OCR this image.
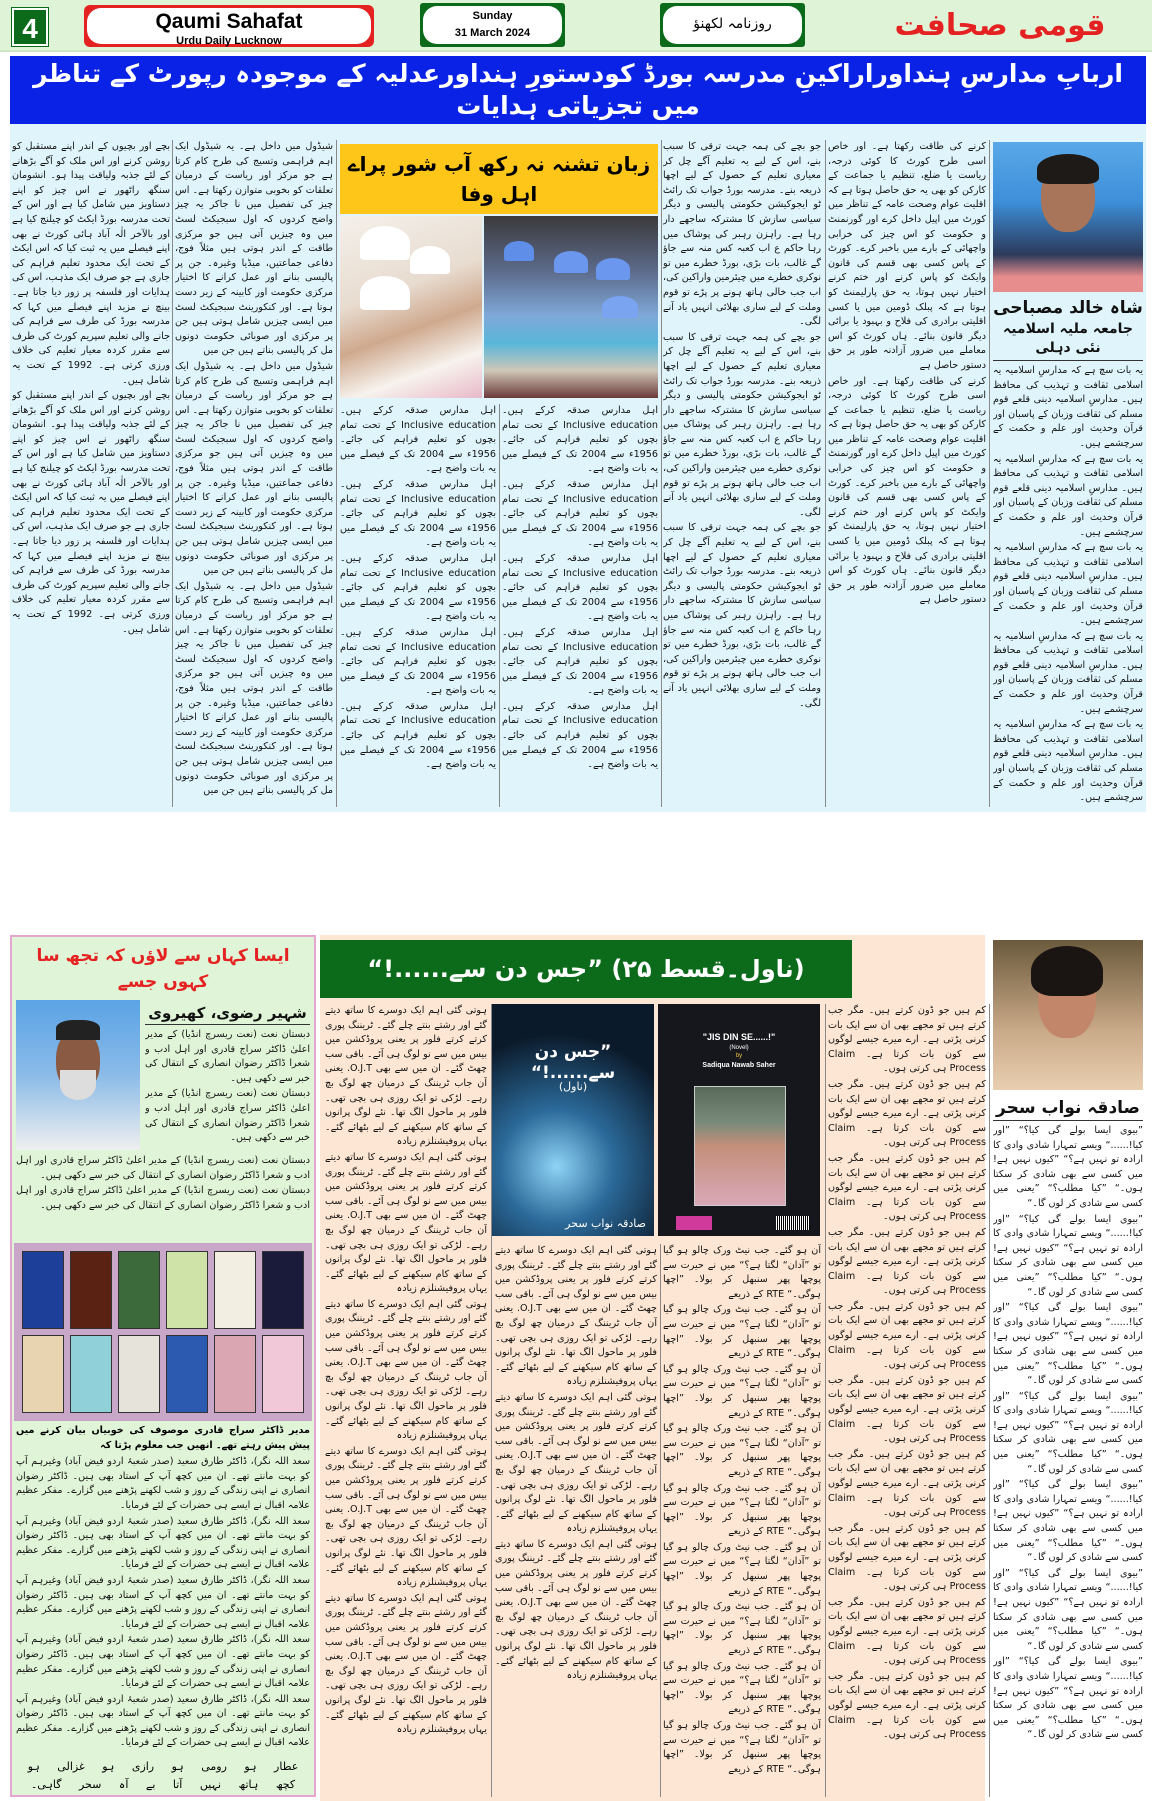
4	Qaumi Sahafat
Urdu Daily Lucknow
Sunday
31 March 2024
روزنامہ لکھنؤ	قومی صحافت
اربابِ مدارسِ ہنداوراراکینِ مدرسہ بورڈ کودستورِ ہنداورعدلیہ کے موجودہ رپورٹ کے تناظر میں تجزیاتی ہدایات
زبان تشنہ نہ رکھ آب شور پراے اہل وفا
شاہ خالد مصباحی
جامعہ ملیہ اسلامیہ نئی دہلی

یہ بات سچ ہے کہ مدارسِ اسلامیہ یہ اسلامی ثقافت و تہذیب کی محافظ ہیں۔ مدارسِ اسلامیہ دینی قلعے قوم مسلم کی ثقافت وزبان کے پاسبان اور قرآن وحدیث اور علم و حکمت کے سرچشمے ہیں۔

یہ بات سچ ہے کہ مدارسِ اسلامیہ یہ اسلامی ثقافت و تہذیب کی محافظ ہیں۔ مدارسِ اسلامیہ دینی قلعے قوم مسلم کی ثقافت وزبان کے پاسبان اور قرآن وحدیث اور علم و حکمت کے سرچشمے ہیں۔

یہ بات سچ ہے کہ مدارسِ اسلامیہ یہ اسلامی ثقافت و تہذیب کی محافظ ہیں۔ مدارسِ اسلامیہ دینی قلعے قوم مسلم کی ثقافت وزبان کے پاسبان اور قرآن وحدیث اور علم و حکمت کے سرچشمے ہیں۔

یہ بات سچ ہے کہ مدارسِ اسلامیہ یہ اسلامی ثقافت و تہذیب کی محافظ ہیں۔ مدارسِ اسلامیہ دینی قلعے قوم مسلم کی ثقافت وزبان کے پاسبان اور قرآن وحدیث اور علم و حکمت کے سرچشمے ہیں۔

یہ بات سچ ہے کہ مدارسِ اسلامیہ یہ اسلامی ثقافت و تہذیب کی محافظ ہیں۔ مدارسِ اسلامیہ دینی قلعے قوم مسلم کی ثقافت وزبان کے پاسبان اور قرآن وحدیث اور علم و حکمت کے سرچشمے ہیں۔

کرنے کی طاقت رکھتا ہے۔ اور خاص اسی طرح کورٹ کا کوئی درجہ، ریاست یا ضلع، تنظیم یا جماعت کے کارکن کو بھی یہ حق حاصل ہوتا ہے کہ اقلیت عوام وصحت عامہ کے تناظر میں کورٹ میں اپیل داخل کرے اور گورنمنٹ و حکومت کو اس چیز کی خرابی واچھائی کے بارے میں باخبر کرے۔ کورٹ کے پاس کسی بھی قسم کی قانون وایکٹ کو پاس کرنے اور ختم کرنے اختیار نہیں ہوتا، یہ حق پارلیمنٹ کو ہوتا ہے کہ پبلک ڈومین میں یا کسی اقلیتی برادری کی فلاح و بہبود یا برائی دیگر قانون بنائے۔ ہاں کورٹ کو اس معاملے میں ضرور آزادنہ طور پر حق دستور حاصل ہے

کرنے کی طاقت رکھتا ہے۔ اور خاص اسی طرح کورٹ کا کوئی درجہ، ریاست یا ضلع، تنظیم یا جماعت کے کارکن کو بھی یہ حق حاصل ہوتا ہے کہ اقلیت عوام وصحت عامہ کے تناظر میں کورٹ میں اپیل داخل کرے اور گورنمنٹ و حکومت کو اس چیز کی خرابی واچھائی کے بارے میں باخبر کرے۔ کورٹ کے پاس کسی بھی قسم کی قانون وایکٹ کو پاس کرنے اور ختم کرنے اختیار نہیں ہوتا، یہ حق پارلیمنٹ کو ہوتا ہے کہ پبلک ڈومین میں یا کسی اقلیتی برادری کی فلاح و بہبود یا برائی دیگر قانون بنائے۔ ہاں کورٹ کو اس معاملے میں ضرور آزادنہ طور پر حق دستور حاصل ہے

جو بچے کی ہمہ جہت ترقی کا سبب بنے، اس کے لیے یہ تعلیم آگے چل کر معیاری تعلیم کے حصول کے لیے اچھا ذریعہ بنے۔ مدرسہ بورڈ جواب تک رائٹ ٹو ایجوکیشن حکومتی پالیسی و دیگر سیاسی سازش کا مشترکہ ساجھے دار رہا ہے۔ راہزن رہبر کی پوشاک میں رہا حاکم ع اب کعبہ کس منہ سے جاؤ گے غالب، بات بڑی، بورڈ خطرے میں تو نوکری خطرے میں چیئرمین واراکین کی، اب جب خالی ہاتھ ہونے پر پڑے تو قوم وملت کے لیے ساری بھلائی انہیں یاد آنے لگی۔

جو بچے کی ہمہ جہت ترقی کا سبب بنے، اس کے لیے یہ تعلیم آگے چل کر معیاری تعلیم کے حصول کے لیے اچھا ذریعہ بنے۔ مدرسہ بورڈ جواب تک رائٹ ٹو ایجوکیشن حکومتی پالیسی و دیگر سیاسی سازش کا مشترکہ ساجھے دار رہا ہے۔ راہزن رہبر کی پوشاک میں رہا حاکم ع اب کعبہ کس منہ سے جاؤ گے غالب، بات بڑی، بورڈ خطرے میں تو نوکری خطرے میں چیئرمین واراکین کی، اب جب خالی ہاتھ ہونے پر پڑے تو قوم وملت کے لیے ساری بھلائی انہیں یاد آنے لگی۔

جو بچے کی ہمہ جہت ترقی کا سبب بنے، اس کے لیے یہ تعلیم آگے چل کر معیاری تعلیم کے حصول کے لیے اچھا ذریعہ بنے۔ مدرسہ بورڈ جواب تک رائٹ ٹو ایجوکیشن حکومتی پالیسی و دیگر سیاسی سازش کا مشترکہ ساجھے دار رہا ہے۔ راہزن رہبر کی پوشاک میں رہا حاکم ع اب کعبہ کس منہ سے جاؤ گے غالب، بات بڑی، بورڈ خطرے میں تو نوکری خطرے میں چیئرمین واراکین کی، اب جب خالی ہاتھ ہونے پر پڑے تو قوم وملت کے لیے ساری بھلائی انہیں یاد آنے لگی۔

اہل مدارس صدقہ کرکے ہیں۔ Inclusive education کے تحت تمام بچوں کو تعلیم فراہم کی جائے۔ 1956ء سے 2004 تک کے فیصلے میں یہ بات واضح ہے۔

اہل مدارس صدقہ کرکے ہیں۔ Inclusive education کے تحت تمام بچوں کو تعلیم فراہم کی جائے۔ 1956ء سے 2004 تک کے فیصلے میں یہ بات واضح ہے۔

اہل مدارس صدقہ کرکے ہیں۔ Inclusive education کے تحت تمام بچوں کو تعلیم فراہم کی جائے۔ 1956ء سے 2004 تک کے فیصلے میں یہ بات واضح ہے۔

اہل مدارس صدقہ کرکے ہیں۔ Inclusive education کے تحت تمام بچوں کو تعلیم فراہم کی جائے۔ 1956ء سے 2004 تک کے فیصلے میں یہ بات واضح ہے۔

اہل مدارس صدقہ کرکے ہیں۔ Inclusive education کے تحت تمام بچوں کو تعلیم فراہم کی جائے۔ 1956ء سے 2004 تک کے فیصلے میں یہ بات واضح ہے۔

اہل مدارس صدقہ کرکے ہیں۔ Inclusive education کے تحت تمام بچوں کو تعلیم فراہم کی جائے۔ 1956ء سے 2004 تک کے فیصلے میں یہ بات واضح ہے۔

اہل مدارس صدقہ کرکے ہیں۔ Inclusive education کے تحت تمام بچوں کو تعلیم فراہم کی جائے۔ 1956ء سے 2004 تک کے فیصلے میں یہ بات واضح ہے۔

اہل مدارس صدقہ کرکے ہیں۔ Inclusive education کے تحت تمام بچوں کو تعلیم فراہم کی جائے۔ 1956ء سے 2004 تک کے فیصلے میں یہ بات واضح ہے۔

اہل مدارس صدقہ کرکے ہیں۔ Inclusive education کے تحت تمام بچوں کو تعلیم فراہم کی جائے۔ 1956ء سے 2004 تک کے فیصلے میں یہ بات واضح ہے۔

اہل مدارس صدقہ کرکے ہیں۔ Inclusive education کے تحت تمام بچوں کو تعلیم فراہم کی جائے۔ 1956ء سے 2004 تک کے فیصلے میں یہ بات واضح ہے۔

شیڈول میں داخل ہے۔ یہ شیڈول ایک اہم فراہمی وتسیج کی طرح کام کرتا ہے جو مرکز اور ریاست کے درمیان تعلقات کو بخوبی متوازن رکھتا ہے۔ اس چیز کی تفصیل میں نا جاکر یہ چیز واضح کردوں کہ اول سبجیکٹ لسٹ میں وہ چیزیں آتی ہیں جو مرکزی طاقت کے اندر ہوتی ہیں مثلاً فوج، دفاعی جماعتیں، میڈیا وغیرہ۔ جن پر پالیسی بنانے اور عمل کرانے کا اختیار مرکزی حکومت اور کابینہ کے زیر دست ہوتا ہے۔ اور کنکورینٹ سبجیکٹ لسٹ میں ایسی چیزیں شامل ہوتی ہیں جن پر مرکزی اور صوبائی حکومت دونوں مل کر پالیسی بناتے ہیں جن میں

شیڈول میں داخل ہے۔ یہ شیڈول ایک اہم فراہمی وتسیج کی طرح کام کرتا ہے جو مرکز اور ریاست کے درمیان تعلقات کو بخوبی متوازن رکھتا ہے۔ اس چیز کی تفصیل میں نا جاکر یہ چیز واضح کردوں کہ اول سبجیکٹ لسٹ میں وہ چیزیں آتی ہیں جو مرکزی طاقت کے اندر ہوتی ہیں مثلاً فوج، دفاعی جماعتیں، میڈیا وغیرہ۔ جن پر پالیسی بنانے اور عمل کرانے کا اختیار مرکزی حکومت اور کابینہ کے زیر دست ہوتا ہے۔ اور کنکورینٹ سبجیکٹ لسٹ میں ایسی چیزیں شامل ہوتی ہیں جن پر مرکزی اور صوبائی حکومت دونوں مل کر پالیسی بناتے ہیں جن میں

شیڈول میں داخل ہے۔ یہ شیڈول ایک اہم فراہمی وتسیج کی طرح کام کرتا ہے جو مرکز اور ریاست کے درمیان تعلقات کو بخوبی متوازن رکھتا ہے۔ اس چیز کی تفصیل میں نا جاکر یہ چیز واضح کردوں کہ اول سبجیکٹ لسٹ میں وہ چیزیں آتی ہیں جو مرکزی طاقت کے اندر ہوتی ہیں مثلاً فوج، دفاعی جماعتیں، میڈیا وغیرہ۔ جن پر پالیسی بنانے اور عمل کرانے کا اختیار مرکزی حکومت اور کابینہ کے زیر دست ہوتا ہے۔ اور کنکورینٹ سبجیکٹ لسٹ میں ایسی چیزیں شامل ہوتی ہیں جن پر مرکزی اور صوبائی حکومت دونوں مل کر پالیسی بناتے ہیں جن میں

بچے اور بچیوں کے اندر اپنے مستقبل کو روشن کرنے اور اس ملک کو آگے بڑھانے کے لئے جذبہ ولیاقت پیدا ہو۔ انشومان سنگھ راٹھور نے اس چیز کو اپنے دستاویز میں شامل کیا ہے اور اس کے تحت مدرسہ بورڈ ایکٹ کو چیلنج کیا ہے اور بالآخر الٰہ آباد ہائی کورٹ نے بھی اپنے فیصلے میں یہ ثبت کیا کہ اس ایکٹ کے تحت ایک محدود تعلیم فراہم کی جاری ہے جو صرف ایک مذہب، اس کی ہدایات اور فلسفہ پر زور دیا جاتا ہے۔ بینچ نے مزید اپنے فیصلے میں کہا کہ مدرسہ بورڈ کی طرف سے فراہم کی جانے والی تعلیم سپریم کورٹ کی طرف سے مقرر کردہ معیار تعلیم کی خلاف ورزی کرتی ہے۔ 1992 کے تحت یہ شامل ہیں۔

بچے اور بچیوں کے اندر اپنے مستقبل کو روشن کرنے اور اس ملک کو آگے بڑھانے کے لئے جذبہ ولیاقت پیدا ہو۔ انشومان سنگھ راٹھور نے اس چیز کو اپنے دستاویز میں شامل کیا ہے اور اس کے تحت مدرسہ بورڈ ایکٹ کو چیلنج کیا ہے اور بالآخر الٰہ آباد ہائی کورٹ نے بھی اپنے فیصلے میں یہ ثبت کیا کہ اس ایکٹ کے تحت ایک محدود تعلیم فراہم کی جاری ہے جو صرف ایک مذہب، اس کی ہدایات اور فلسفہ پر زور دیا جاتا ہے۔ بینچ نے مزید اپنے فیصلے میں کہا کہ مدرسہ بورڈ کی طرف سے فراہم کی جانے والی تعلیم سپریم کورٹ کی طرف سے مقرر کردہ معیار تعلیم کی خلاف ورزی کرتی ہے۔ 1992 کے تحت یہ شامل ہیں۔

ایسا کہاں سے لاؤں کہ تجھ سا کہوں جسے
شہیر رضوی، کھیروی

دبستان نعت (نعت ریسرچ انڈیا) کے مدیر اعلیٰ ڈاکٹر سراج قادری اور اہل ادب و شعرا ڈاکٹر رضوان انصاری کے انتقال کی خبر سے دکھی ہیں۔

دبستان نعت (نعت ریسرچ انڈیا) کے مدیر اعلیٰ ڈاکٹر سراج قادری اور اہل ادب و شعرا ڈاکٹر رضوان انصاری کے انتقال کی خبر سے دکھی ہیں۔

دبستان نعت (نعت ریسرچ انڈیا) کے مدیر اعلیٰ ڈاکٹر سراج قادری اور اہل ادب و شعرا ڈاکٹر رضوان انصاری کے انتقال کی خبر سے دکھی ہیں۔

دبستان نعت (نعت ریسرچ انڈیا) کے مدیر اعلیٰ ڈاکٹر سراج قادری اور اہل ادب و شعرا ڈاکٹر رضوان انصاری کے انتقال کی خبر سے دکھی ہیں۔

مدیر ڈاکٹر سراج قادری موصوف کی خوبیاں بیان کرنے میں پیش پیش رہتے تھے۔ انھیں جب معلوم پڑتا کہ

سعد اللہ نگر)، ڈاکٹر طارق سعید (صدر شعبۂ اردو فیض آباد) وغیرہم آپ کو بہت مانتے تھے۔ ان میں کچھ آپ کے استاد بھی ہیں۔ ڈاکٹر رضوان انصاری نے اپنی زندگی کے روز و شب لکھنے پڑھنے میں گزارے۔ مفکر عظیم علامہ اقبال نے ایسے ہی حضرات کے لئے فرمایا۔

سعد اللہ نگر)، ڈاکٹر طارق سعید (صدر شعبۂ اردو فیض آباد) وغیرہم آپ کو بہت مانتے تھے۔ ان میں کچھ آپ کے استاد بھی ہیں۔ ڈاکٹر رضوان انصاری نے اپنی زندگی کے روز و شب لکھنے پڑھنے میں گزارے۔ مفکر عظیم علامہ اقبال نے ایسے ہی حضرات کے لئے فرمایا۔

سعد اللہ نگر)، ڈاکٹر طارق سعید (صدر شعبۂ اردو فیض آباد) وغیرہم آپ کو بہت مانتے تھے۔ ان میں کچھ آپ کے استاد بھی ہیں۔ ڈاکٹر رضوان انصاری نے اپنی زندگی کے روز و شب لکھنے پڑھنے میں گزارے۔ مفکر عظیم علامہ اقبال نے ایسے ہی حضرات کے لئے فرمایا۔

سعد اللہ نگر)، ڈاکٹر طارق سعید (صدر شعبۂ اردو فیض آباد) وغیرہم آپ کو بہت مانتے تھے۔ ان میں کچھ آپ کے استاد بھی ہیں۔ ڈاکٹر رضوان انصاری نے اپنی زندگی کے روز و شب لکھنے پڑھنے میں گزارے۔ مفکر عظیم علامہ اقبال نے ایسے ہی حضرات کے لئے فرمایا۔

سعد اللہ نگر)، ڈاکٹر طارق سعید (صدر شعبۂ اردو فیض آباد) وغیرہم آپ کو بہت مانتے تھے۔ ان میں کچھ آپ کے استاد بھی ہیں۔ ڈاکٹر رضوان انصاری نے اپنی زندگی کے روز و شب لکھنے پڑھنے میں گزارے۔ مفکر عظیم علامہ اقبال نے ایسے ہی حضرات کے لئے فرمایا۔

عطار ہو رومی ہو رازی ہو غزالی ہو
کچھ ہاتھ نہیں آتا بے آہ سحر گاہی۔
(ناول۔قسط ۲۵) ”جس دن سے......!“
صادقہ نواب سحر

”بیوی ایسا بولے گی کیا؟“ ”اور کیا!......“ ویسے تمہارا شادی وادی کا ارادہ تو نہیں ہے؟“ ”کیوں نہیں ہے! میں کسی سے بھی شادی کر سکتا ہوں۔“ ”کیا مطلب؟“ ”یعنی میں کسی سے شادی کر لوں گا۔“

”بیوی ایسا بولے گی کیا؟“ ”اور کیا!......“ ویسے تمہارا شادی وادی کا ارادہ تو نہیں ہے؟“ ”کیوں نہیں ہے! میں کسی سے بھی شادی کر سکتا ہوں۔“ ”کیا مطلب؟“ ”یعنی میں کسی سے شادی کر لوں گا۔“

”بیوی ایسا بولے گی کیا؟“ ”اور کیا!......“ ویسے تمہارا شادی وادی کا ارادہ تو نہیں ہے؟“ ”کیوں نہیں ہے! میں کسی سے بھی شادی کر سکتا ہوں۔“ ”کیا مطلب؟“ ”یعنی میں کسی سے شادی کر لوں گا۔“

”بیوی ایسا بولے گی کیا؟“ ”اور کیا!......“ ویسے تمہارا شادی وادی کا ارادہ تو نہیں ہے؟“ ”کیوں نہیں ہے! میں کسی سے بھی شادی کر سکتا ہوں۔“ ”کیا مطلب؟“ ”یعنی میں کسی سے شادی کر لوں گا۔“

”بیوی ایسا بولے گی کیا؟“ ”اور کیا!......“ ویسے تمہارا شادی وادی کا ارادہ تو نہیں ہے؟“ ”کیوں نہیں ہے! میں کسی سے بھی شادی کر سکتا ہوں۔“ ”کیا مطلب؟“ ”یعنی میں کسی سے شادی کر لوں گا۔“

”بیوی ایسا بولے گی کیا؟“ ”اور کیا!......“ ویسے تمہارا شادی وادی کا ارادہ تو نہیں ہے؟“ ”کیوں نہیں ہے! میں کسی سے بھی شادی کر سکتا ہوں۔“ ”کیا مطلب؟“ ”یعنی میں کسی سے شادی کر لوں گا۔“

”بیوی ایسا بولے گی کیا؟“ ”اور کیا!......“ ویسے تمہارا شادی وادی کا ارادہ تو نہیں ہے؟“ ”کیوں نہیں ہے! میں کسی سے بھی شادی کر سکتا ہوں۔“ ”کیا مطلب؟“ ”یعنی میں کسی سے شادی کر لوں گا۔“

کم ہیں جو ڈون کرتے ہیں۔ مگر جب کرتے ہیں تو مجھے بھی ان سے ایک بات کرنی پڑتی ہے۔ ارے میرے جیسے لوگوں سے کون بات کرتا ہے۔ Claim Process ہی کرتی ہوں۔

کم ہیں جو ڈون کرتے ہیں۔ مگر جب کرتے ہیں تو مجھے بھی ان سے ایک بات کرنی پڑتی ہے۔ ارے میرے جیسے لوگوں سے کون بات کرتا ہے۔ Claim Process ہی کرتی ہوں۔

کم ہیں جو ڈون کرتے ہیں۔ مگر جب کرتے ہیں تو مجھے بھی ان سے ایک بات کرنی پڑتی ہے۔ ارے میرے جیسے لوگوں سے کون بات کرتا ہے۔ Claim Process ہی کرتی ہوں۔

کم ہیں جو ڈون کرتے ہیں۔ مگر جب کرتے ہیں تو مجھے بھی ان سے ایک بات کرنی پڑتی ہے۔ ارے میرے جیسے لوگوں سے کون بات کرتا ہے۔ Claim Process ہی کرتی ہوں۔

کم ہیں جو ڈون کرتے ہیں۔ مگر جب کرتے ہیں تو مجھے بھی ان سے ایک بات کرنی پڑتی ہے۔ ارے میرے جیسے لوگوں سے کون بات کرتا ہے۔ Claim Process ہی کرتی ہوں۔

کم ہیں جو ڈون کرتے ہیں۔ مگر جب کرتے ہیں تو مجھے بھی ان سے ایک بات کرنی پڑتی ہے۔ ارے میرے جیسے لوگوں سے کون بات کرتا ہے۔ Claim Process ہی کرتی ہوں۔

کم ہیں جو ڈون کرتے ہیں۔ مگر جب کرتے ہیں تو مجھے بھی ان سے ایک بات کرنی پڑتی ہے۔ ارے میرے جیسے لوگوں سے کون بات کرتا ہے۔ Claim Process ہی کرتی ہوں۔

کم ہیں جو ڈون کرتے ہیں۔ مگر جب کرتے ہیں تو مجھے بھی ان سے ایک بات کرنی پڑتی ہے۔ ارے میرے جیسے لوگوں سے کون بات کرتا ہے۔ Claim Process ہی کرتی ہوں۔

کم ہیں جو ڈون کرتے ہیں۔ مگر جب کرتے ہیں تو مجھے بھی ان سے ایک بات کرنی پڑتی ہے۔ ارے میرے جیسے لوگوں سے کون بات کرتا ہے۔ Claim Process ہی کرتی ہوں۔

کم ہیں جو ڈون کرتے ہیں۔ مگر جب کرتے ہیں تو مجھے بھی ان سے ایک بات کرنی پڑتی ہے۔ ارے میرے جیسے لوگوں سے کون بات کرتا ہے۔ Claim Process ہی کرتی ہوں۔

آن ہو گئے۔ جب نیٹ ورک چالو ہو گیا تو ”آدان“ لگتا ہے؟“ میں نے حیرت سے پوچھا پھر سنبھل کر بولا۔ ”اچھا ہوگی۔“ RTE کے ذریعے

آن ہو گئے۔ جب نیٹ ورک چالو ہو گیا تو ”آدان“ لگتا ہے؟“ میں نے حیرت سے پوچھا پھر سنبھل کر بولا۔ ”اچھا ہوگی۔“ RTE کے ذریعے

آن ہو گئے۔ جب نیٹ ورک چالو ہو گیا تو ”آدان“ لگتا ہے؟“ میں نے حیرت سے پوچھا پھر سنبھل کر بولا۔ ”اچھا ہوگی۔“ RTE کے ذریعے

آن ہو گئے۔ جب نیٹ ورک چالو ہو گیا تو ”آدان“ لگتا ہے؟“ میں نے حیرت سے پوچھا پھر سنبھل کر بولا۔ ”اچھا ہوگی۔“ RTE کے ذریعے

آن ہو گئے۔ جب نیٹ ورک چالو ہو گیا تو ”آدان“ لگتا ہے؟“ میں نے حیرت سے پوچھا پھر سنبھل کر بولا۔ ”اچھا ہوگی۔“ RTE کے ذریعے

آن ہو گئے۔ جب نیٹ ورک چالو ہو گیا تو ”آدان“ لگتا ہے؟“ میں نے حیرت سے پوچھا پھر سنبھل کر بولا۔ ”اچھا ہوگی۔“ RTE کے ذریعے

آن ہو گئے۔ جب نیٹ ورک چالو ہو گیا تو ”آدان“ لگتا ہے؟“ میں نے حیرت سے پوچھا پھر سنبھل کر بولا۔ ”اچھا ہوگی۔“ RTE کے ذریعے

آن ہو گئے۔ جب نیٹ ورک چالو ہو گیا تو ”آدان“ لگتا ہے؟“ میں نے حیرت سے پوچھا پھر سنبھل کر بولا۔ ”اچھا ہوگی۔“ RTE کے ذریعے

آن ہو گئے۔ جب نیٹ ورک چالو ہو گیا تو ”آدان“ لگتا ہے؟“ میں نے حیرت سے پوچھا پھر سنبھل کر بولا۔ ”اچھا ہوگی۔“ RTE کے ذریعے

ہوتی گئی اہم ایک دوسرے کا ساتھ دیتے گئے اور رشتے بنتے چلے گئے۔ ٹریننگ پوری کرتے کرتے فلور پر یعنی پروڈکشن میں بیس میں سے نو لوگ ہی آئے۔ باقی سب چھٹ گئے۔ ان میں سے بھی O.J.T. یعنی آن جاب ٹریننگ کے درمیان چھ لوگ بچ رہے۔ لڑکی تو ایک روزی ہی بچی تھی۔ فلور پر ماحول الگ تھا۔ نئے لوگ پرانوں کے ساتھ کام سیکھنے کے لیے بٹھائے گئے۔ یہاں پروفیشنلزم زیادہ

ہوتی گئی اہم ایک دوسرے کا ساتھ دیتے گئے اور رشتے بنتے چلے گئے۔ ٹریننگ پوری کرتے کرتے فلور پر یعنی پروڈکشن میں بیس میں سے نو لوگ ہی آئے۔ باقی سب چھٹ گئے۔ ان میں سے بھی O.J.T. یعنی آن جاب ٹریننگ کے درمیان چھ لوگ بچ رہے۔ لڑکی تو ایک روزی ہی بچی تھی۔ فلور پر ماحول الگ تھا۔ نئے لوگ پرانوں کے ساتھ کام سیکھنے کے لیے بٹھائے گئے۔ یہاں پروفیشنلزم زیادہ

ہوتی گئی اہم ایک دوسرے کا ساتھ دیتے گئے اور رشتے بنتے چلے گئے۔ ٹریننگ پوری کرتے کرتے فلور پر یعنی پروڈکشن میں بیس میں سے نو لوگ ہی آئے۔ باقی سب چھٹ گئے۔ ان میں سے بھی O.J.T. یعنی آن جاب ٹریننگ کے درمیان چھ لوگ بچ رہے۔ لڑکی تو ایک روزی ہی بچی تھی۔ فلور پر ماحول الگ تھا۔ نئے لوگ پرانوں کے ساتھ کام سیکھنے کے لیے بٹھائے گئے۔ یہاں پروفیشنلزم زیادہ

ہوتی گئی اہم ایک دوسرے کا ساتھ دیتے گئے اور رشتے بنتے چلے گئے۔ ٹریننگ پوری کرتے کرتے فلور پر یعنی پروڈکشن میں بیس میں سے نو لوگ ہی آئے۔ باقی سب چھٹ گئے۔ ان میں سے بھی O.J.T. یعنی آن جاب ٹریننگ کے درمیان چھ لوگ بچ رہے۔ لڑکی تو ایک روزی ہی بچی تھی۔ فلور پر ماحول الگ تھا۔ نئے لوگ پرانوں کے ساتھ کام سیکھنے کے لیے بٹھائے گئے۔ یہاں پروفیشنلزم زیادہ

ہوتی گئی اہم ایک دوسرے کا ساتھ دیتے گئے اور رشتے بنتے چلے گئے۔ ٹریننگ پوری کرتے کرتے فلور پر یعنی پروڈکشن میں بیس میں سے نو لوگ ہی آئے۔ باقی سب چھٹ گئے۔ ان میں سے بھی O.J.T. یعنی آن جاب ٹریننگ کے درمیان چھ لوگ بچ رہے۔ لڑکی تو ایک روزی ہی بچی تھی۔ فلور پر ماحول الگ تھا۔ نئے لوگ پرانوں کے ساتھ کام سیکھنے کے لیے بٹھائے گئے۔ یہاں پروفیشنلزم زیادہ

ہوتی گئی اہم ایک دوسرے کا ساتھ دیتے گئے اور رشتے بنتے چلے گئے۔ ٹریننگ پوری کرتے کرتے فلور پر یعنی پروڈکشن میں بیس میں سے نو لوگ ہی آئے۔ باقی سب چھٹ گئے۔ ان میں سے بھی O.J.T. یعنی آن جاب ٹریننگ کے درمیان چھ لوگ بچ رہے۔ لڑکی تو ایک روزی ہی بچی تھی۔ فلور پر ماحول الگ تھا۔ نئے لوگ پرانوں کے ساتھ کام سیکھنے کے لیے بٹھائے گئے۔ یہاں پروفیشنلزم زیادہ

ہوتی گئی اہم ایک دوسرے کا ساتھ دیتے گئے اور رشتے بنتے چلے گئے۔ ٹریننگ پوری کرتے کرتے فلور پر یعنی پروڈکشن میں بیس میں سے نو لوگ ہی آئے۔ باقی سب چھٹ گئے۔ ان میں سے بھی O.J.T. یعنی آن جاب ٹریننگ کے درمیان چھ لوگ بچ رہے۔ لڑکی تو ایک روزی ہی بچی تھی۔ فلور پر ماحول الگ تھا۔ نئے لوگ پرانوں کے ساتھ کام سیکھنے کے لیے بٹھائے گئے۔ یہاں پروفیشنلزم زیادہ

ہوتی گئی اہم ایک دوسرے کا ساتھ دیتے گئے اور رشتے بنتے چلے گئے۔ ٹریننگ پوری کرتے کرتے فلور پر یعنی پروڈکشن میں بیس میں سے نو لوگ ہی آئے۔ باقی سب چھٹ گئے۔ ان میں سے بھی O.J.T. یعنی آن جاب ٹریننگ کے درمیان چھ لوگ بچ رہے۔ لڑکی تو ایک روزی ہی بچی تھی۔ فلور پر ماحول الگ تھا۔ نئے لوگ پرانوں کے ساتھ کام سیکھنے کے لیے بٹھائے گئے۔ یہاں پروفیشنلزم زیادہ

”جس دن سے......!“
(ناول)
صادقہ نواب سحر
"JIS DIN SE......!"
(Novel)
by
Sadiqua Nawab Saher
